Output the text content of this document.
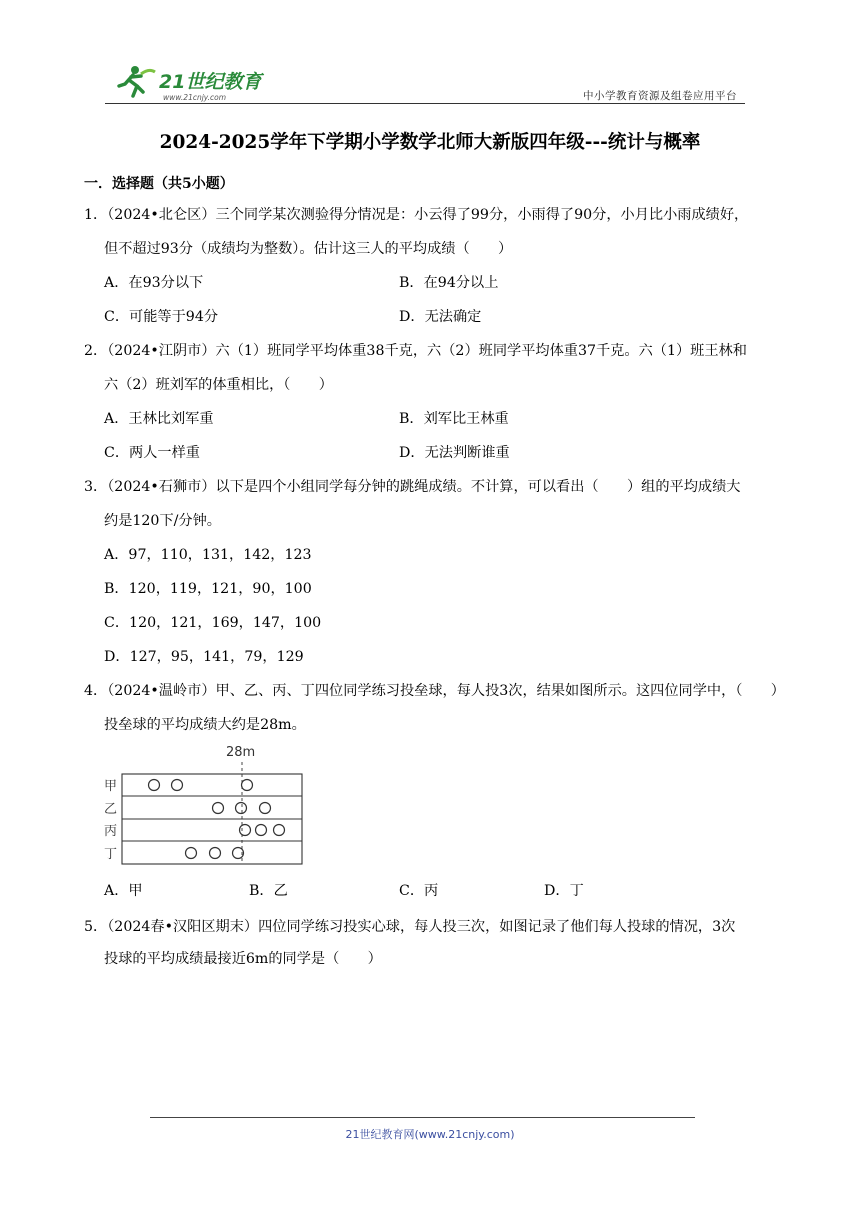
21世纪教育
www.21cnjy.com	中小学教育资源及组卷应用平台
2024-2025学年下学期小学数学北师大新版四年级---统计与概率
一．选择题（共5小题）
1．（2024•北仑区）三个同学某次测验得分情况是：小云得了99分，小雨得了90分，小月比小雨成绩好，
但不超过93分（成绩均为整数）。估计这三人的平均成绩（　　）
A．在93分以下	B．在94分以上
C．可能等于94分	D．无法确定
2．（2024•江阴市）六（1）班同学平均体重38千克，六（2）班同学平均体重37千克。六（1）班王林和
六（2）班刘军的体重相比，（　　）
A．王林比刘军重	B．刘军比王林重
C．两人一样重	D．无法判断谁重
3．（2024•石狮市）以下是四个小组同学每分钟的跳绳成绩。不计算，可以看出（　　）组的平均成绩大
约是120下/分钟。
A．97，110，131，142，123
B．120，119，121，90，100
C．120，121，169，147，100
D．127，95，141，79，129
4．（2024•温岭市）甲、乙、丙、丁四位同学练习投垒球，每人投3次，结果如图所示。这四位同学中，（　　）
投垒球的平均成绩大约是28m。
28m
甲
乙
丙
丁
A．甲	B．乙	C．丙	D．丁
5．（2024春•汉阳区期末）四位同学练习投实心球，每人投三次，如图记录了他们每人投球的情况，3次
投球的平均成绩最接近6m的同学是（　　）
21世纪教育网(www.21cnjy.com)
